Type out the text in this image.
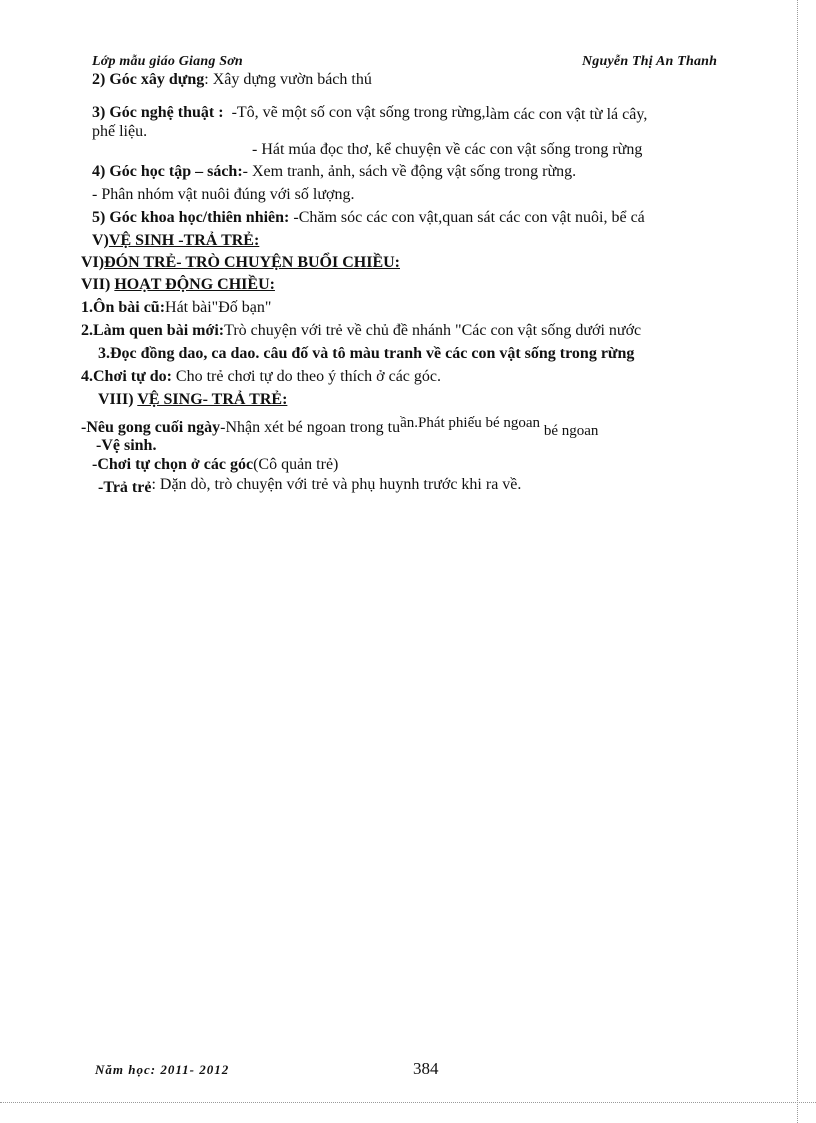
Lớp mẫu giáo Giang Sơn	Nguyễn Thị An Thanh
2) Góc xây dựng: Xây dựng vườn bách thú
3) Góc nghệ thuật : -Tô, vẽ một số con vật sống trong rừng,làm các con vật từ lá cây,
phế liệu.
- Hát múa đọc thơ, kể chuyện về các con vật sống trong rừng
4) Góc học tập – sách:- Xem tranh, ảnh, sách về động vật sống trong rừng.
- Phân nhóm vật nuôi đúng với số lượng.
5) Góc khoa học/thiên nhiên: -Chăm sóc các con vật,quan sát các con vật nuôi, bể cá
V)VỆ SINH -TRẢ TRẺ:
VI)ĐÓN TRẺ- TRÒ CHUYỆN BUỔI CHIỀU:
VII) HOẠT ĐỘNG CHIỀU:
1.Ôn bài cũ:Hát bài"Đố bạn"
2.Làm quen bài mới:Trò chuyện với trẻ về chủ đề nhánh "Các con vật sống dưới nước
3.Đọc đồng dao, ca dao. câu đố và tô màu tranh về các con vật sống trong rừng
4.Chơi tự do: Cho trẻ chơi tự do theo ý thích ở các góc.
VIII) VỆ SING- TRẢ TRẺ:
-Nêu gong cuối ngày-Nhận xét bé ngoan trong tuần.Phát phiếu bé ngoan bé ngoan
-Vệ sinh.
-Chơi tự chọn ở các góc(Cô quản trẻ)
-Trả trẻ: Dặn dò, trò chuyện với trẻ và phụ huynh trước khi ra về.
Năm học: 2011- 2012	384
